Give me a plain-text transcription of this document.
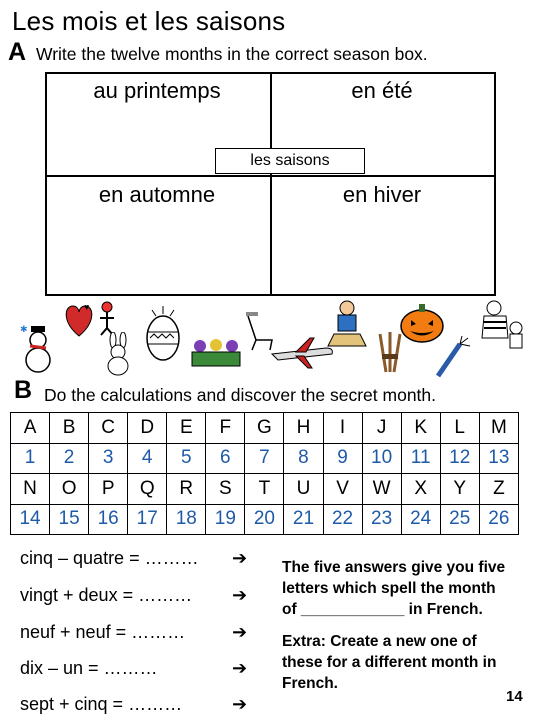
Les mois et les saisons
A Write the twelve months in the correct season box.
au printemps	en été
en automne	en hiver
les saisons
✱
♥
B Do the calculations and discover the secret month.
A	B	C	D	E	F	G	H	I	J	K	L	M
1	2	3	4	5	6	7	8	9	10	11	12	13
N	O	P	Q	R	S	T	U	V	W	X	Y	Z
14	15	16	17	18	19	20	21	22	23	24	25	26
cinq – quatre = ………
vingt + deux = ………
neuf + neuf = ………
dix – un = ………
sept + cinq = ………
➔
➔
➔
➔
➔
The five answers give you five
letters which spell the month
of ____________ in French.
Extra: Create a new one of
these for a different month in
French.
14
